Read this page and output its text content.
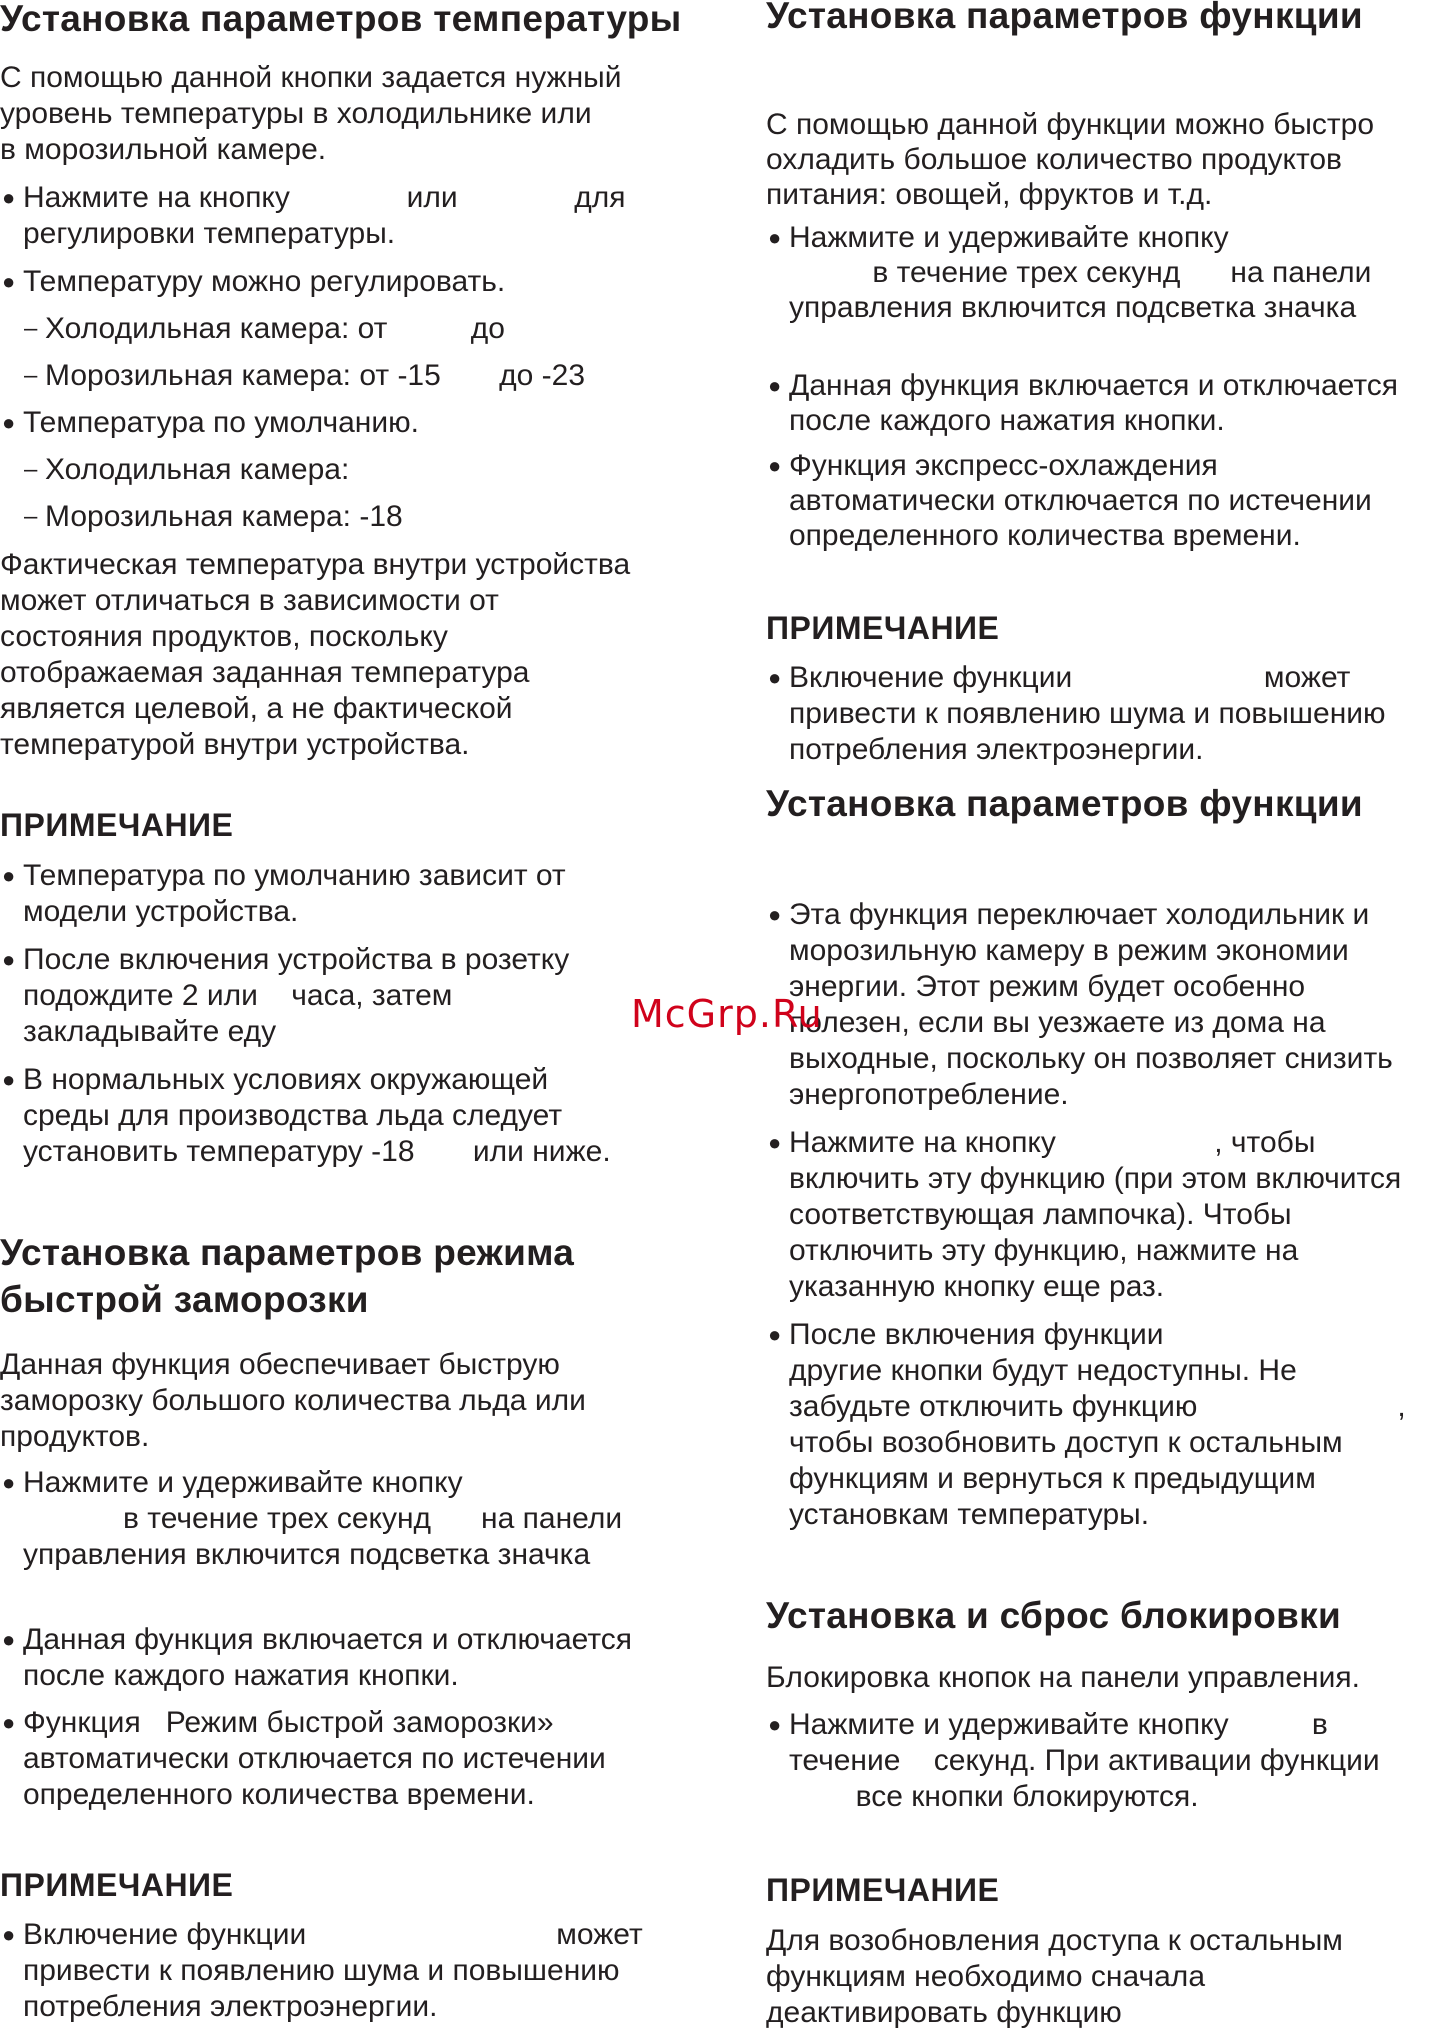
Установка параметров температуры

С помощью данной кнопки задается нужный

уровень температуры в холодильнике или

в морозильной камере.

● Нажмите на кнопку              или              для

регулировки температуры.

● Температуру можно регулировать.

– Холодильная камера: от          до

– Морозильная камера: от -15       до -23

● Температура по умолчанию.

– Холодильная камера:

– Морозильная камера: -18

Фактическая температура внутри устройства

может отличаться в зависимости от

состояния продуктов, поскольку

отображаемая заданная температура

является целевой, а не фактической

температурой внутри устройства.

ПРИМЕЧАНИЕ
● Температура по умолчанию зависит от

модели устройства.

● После включения устройства в розетку

подождите 2 или    часа, затем

закладывайте еду

● В нормальных условиях окружающей

среды для производства льда следует

установить температуру -18       или ниже.

Установка параметров режима
быстрой заморозки

Данная функция обеспечивает быструю

заморозку большого количества льда или

продуктов.

● Нажмите и удерживайте кнопку

в течение трех секунд      на панели

управления включится подсветка значка

● Данная функция включается и отключается

после каждого нажатия кнопки.

● Функция   Режим быстрой заморозки»

автоматически отключается по истечении

определенного количества времени.

ПРИМЕЧАНИЕ
● Включение функции                              может

привести к появлению шума и повышению

потребления электроэнергии.

Установка параметров функции

С помощью данной функции можно быстро

охладить большое количество продуктов

питания: овощей, фруктов и т.д.

● Нажмите и удерживайте кнопку

в течение трех секунд      на панели

управления включится подсветка значка

● Данная функция включается и отключается

после каждого нажатия кнопки.

● Функция экспресс-охлаждения

автоматически отключается по истечении

определенного количества времени.

ПРИМЕЧАНИЕ
● Включение функции                       может

привести к появлению шума и повышению

потребления электроэнергии.

Установка параметров функции
● Эта функция переключает холодильник и

морозильную камеру в режим экономии

энергии. Этот режим будет особенно

полезен, если вы уезжаете из дома на

выходные, поскольку он позволяет снизить

энергопотребление.

● Нажмите на кнопку                   , чтобы

включить эту функцию (при этом включится

соответствующая лампочка). Чтобы

отключить эту функцию, нажмите на

указанную кнопку еще раз.

● После включения функции

другие кнопки будут недоступны. Не

забудьте отключить функцию                        ,

чтобы возобновить доступ к остальным

функциям и вернуться к предыдущим

установкам температуры.

Установка и сброс блокировки

Блокировка кнопок на панели управления.

● Нажмите и удерживайте кнопку          в

течение    секунд. При активации функции

все кнопки блокируются.

ПРИМЕЧАНИЕ

Для возобновления доступа к остальным

функциям необходимо сначала

деактивировать функцию

McGrp.Ru
